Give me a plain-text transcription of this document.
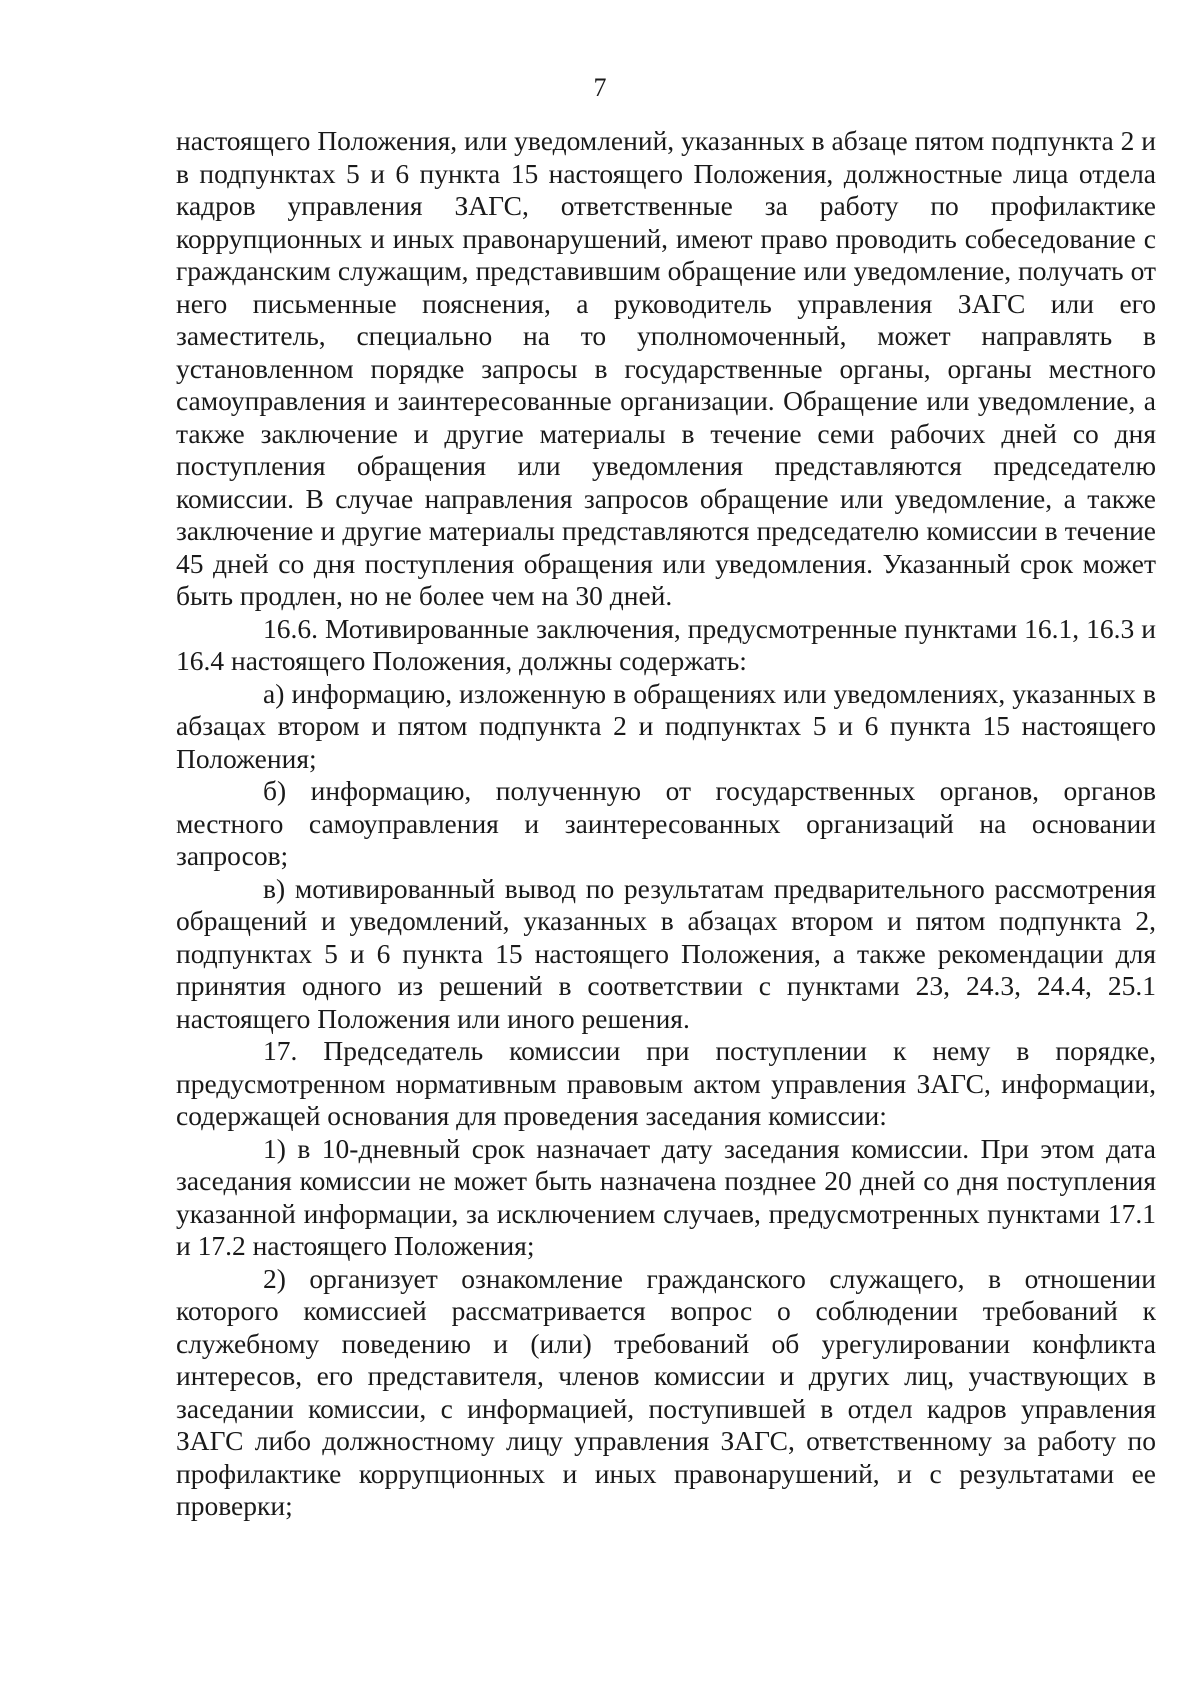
7

настоящего Положения, или уведомлений, указанных в абзаце пятом подпункта 2 и в подпунктах 5 и 6 пункта 15 настоящего Положения, должностные лица отдела кадров управления ЗАГС, ответственные за работу по профилактике коррупционных и иных правонарушений, имеют право проводить собеседование с гражданским служащим, представившим обращение или уведомление, получать от него письменные пояснения, а руководитель управления ЗАГС или его заместитель, специально на то уполномоченный, может направлять в установленном порядке запросы в государственные органы, органы местного самоуправления и заинтересованные организации. Обращение или уведомление, а также заключение и другие материалы в течение семи рабочих дней со дня поступления обращения или уведомления представляются председателю комиссии. В случае направления запросов обращение или уведомление, а также заключение и другие материалы представляются председателю комиссии в течение 45 дней со дня поступления обращения или уведомления. Указанный срок может быть продлен, но не более чем на 30 дней.

16.6. Мотивированные заключения, предусмотренные пунктами 16.1, 16.3 и 16.4 настоящего Положения, должны содержать:

а) информацию, изложенную в обращениях или уведомлениях, указанных в абзацах втором и пятом подпункта 2 и подпунктах 5 и 6 пункта 15 настоящего Положения;

б) информацию, полученную от государственных органов, органов местного самоуправления и заинтересованных организаций на основании запросов;

в) мотивированный вывод по результатам предварительного рассмотрения обращений и уведомлений, указанных в абзацах втором и пятом подпункта 2, подпунктах 5 и 6 пункта 15 настоящего Положения, а также рекомендации для принятия одного из решений в соответствии с пунктами 23, 24.3, 24.4, 25.1 настоящего Положения или иного решения.

17. Председатель комиссии при поступлении к нему в порядке, предусмотренном нормативным правовым актом управления ЗАГС, информации, содержащей основания для проведения заседания комиссии:

1) в 10-дневный срок назначает дату заседания комиссии. При этом дата заседания комиссии не может быть назначена позднее 20 дней со дня поступления указанной информации, за исключением случаев, предусмотренных пунктами 17.1 и 17.2 настоящего Положения;

2) организует ознакомление гражданского служащего, в отношении которого комиссией рассматривается вопрос о соблюдении требований к служебному поведению и (или) требований об урегулировании конфликта интересов, его представителя, членов комиссии и других лиц, участвующих в заседании комиссии, с информацией, поступившей в отдел кадров управления ЗАГС либо должностному лицу управления ЗАГС, ответственному за работу по профилактике коррупционных и иных правонарушений, и с результатами ее проверки;
